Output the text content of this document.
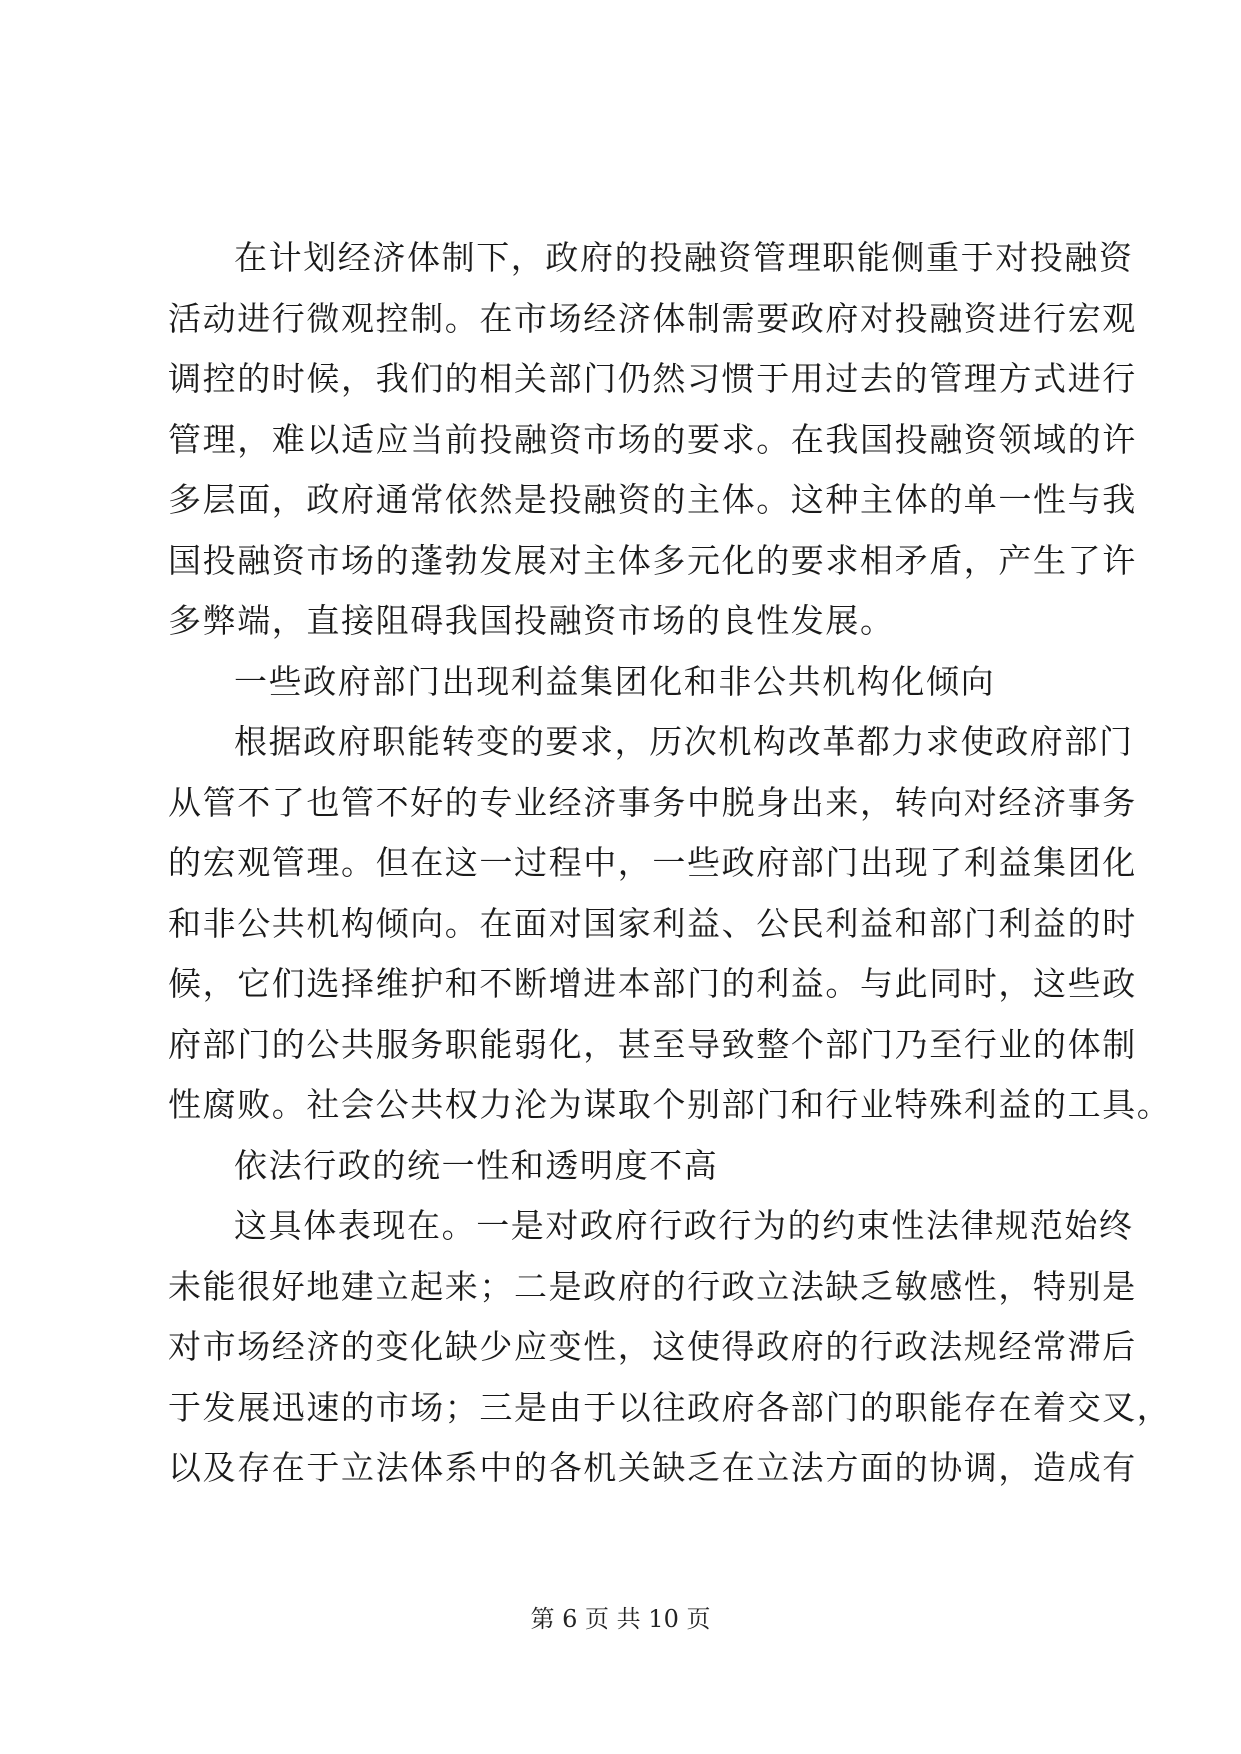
在计划经济体制下，政府的投融资管理职能侧重于对投融资
活动进行微观控制。在市场经济体制需要政府对投融资进行宏观
调控的时候，我们的相关部门仍然习惯于用过去的管理方式进行
管理，难以适应当前投融资市场的要求。在我国投融资领域的许
多层面，政府通常依然是投融资的主体。这种主体的单一性与我
国投融资市场的蓬勃发展对主体多元化的要求相矛盾，产生了许
多弊端，直接阻碍我国投融资市场的良性发展。
一些政府部门出现利益集团化和非公共机构化倾向
根据政府职能转变的要求，历次机构改革都力求使政府部门
从管不了也管不好的专业经济事务中脱身出来，转向对经济事务
的宏观管理。但在这一过程中，一些政府部门出现了利益集团化
和非公共机构倾向。在面对国家利益、公民利益和部门利益的时
候，它们选择维护和不断增进本部门的利益。与此同时，这些政
府部门的公共服务职能弱化，甚至导致整个部门乃至行业的体制
性腐败。社会公共权力沦为谋取个别部门和行业特殊利益的工具。
依法行政的统一性和透明度不高
这具体表现在。一是对政府行政行为的约束性法律规范始终
未能很好地建立起来；二是政府的行政立法缺乏敏感性，特别是
对市场经济的变化缺少应变性，这使得政府的行政法规经常滞后
于发展迅速的市场；三是由于以往政府各部门的职能存在着交叉，
以及存在于立法体系中的各机关缺乏在立法方面的协调，造成有
第 6 页 共 10 页
